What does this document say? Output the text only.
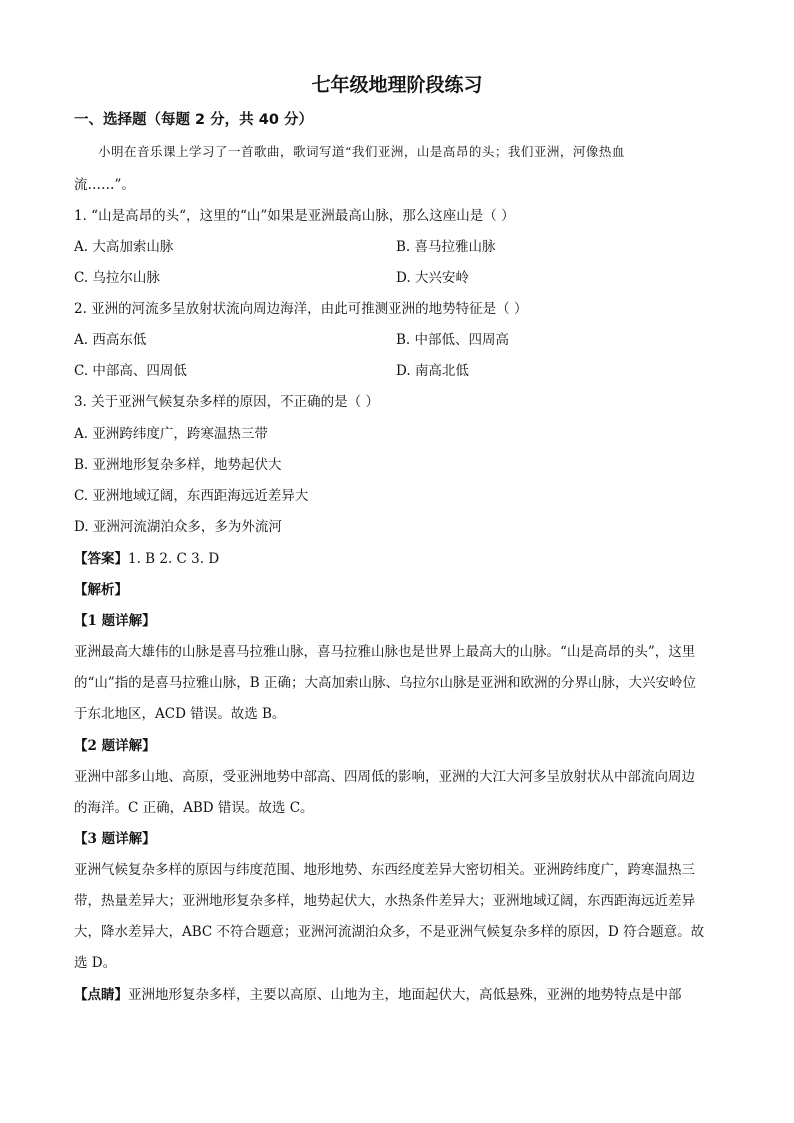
七年级地理阶段练习
一、选择题（每题 2 分，共 40 分）
小明在音乐课上学习了一首歌曲，歌词写道“我们亚洲，山是高昂的头；我们亚洲，河像热血
流……”。
1. “山是高昂的头“，这里的“山”如果是亚洲最高山脉，那么这座山是（ ）
A. 大高加索山脉	B. 喜马拉雅山脉
C. 乌拉尔山脉	D. 大兴安岭
2. 亚洲的河流多呈放射状流向周边海洋，由此可推测亚洲的地势特征是（ ）
A. 西高东低	B. 中部低、四周高
C. 中部高、四周低	D. 南高北低
3. 关于亚洲气候复杂多样的原因，不正确的是（ ）
A. 亚洲跨纬度广，跨寒温热三带
B. 亚洲地形复杂多样，地势起伏大
C. 亚洲地域辽阔，东西距海远近差异大
D. 亚洲河流湖泊众多，多为外流河
【答案】1. B 2. C 3. D
【解析】
【1 题详解】
亚洲最高大雄伟的山脉是喜马拉雅山脉，喜马拉雅山脉也是世界上最高大的山脉。“山是高昂的头”，这里
的“山”指的是喜马拉雅山脉，B 正确；大高加索山脉、乌拉尔山脉是亚洲和欧洲的分界山脉，大兴安岭位
于东北地区，ACD 错误。故选 B。
【2 题详解】
亚洲中部多山地、高原，受亚洲地势中部高、四周低的影响，亚洲的大江大河多呈放射状从中部流向周边
的海洋。C 正确，ABD 错误。故选 C。
【3 题详解】
亚洲气候复杂多样的原因与纬度范围、地形地势、东西经度差异大密切相关。亚洲跨纬度广，跨寒温热三
带，热量差异大；亚洲地形复杂多样，地势起伏大，水热条件差异大；亚洲地域辽阔，东西距海远近差异
大，降水差异大，ABC 不符合题意；亚洲河流湖泊众多，不是亚洲气候复杂多样的原因，D 符合题意。故
选 D。
【点睛】亚洲地形复杂多样，主要以高原、山地为主，地面起伏大，高低悬殊，亚洲的地势特点是中部
